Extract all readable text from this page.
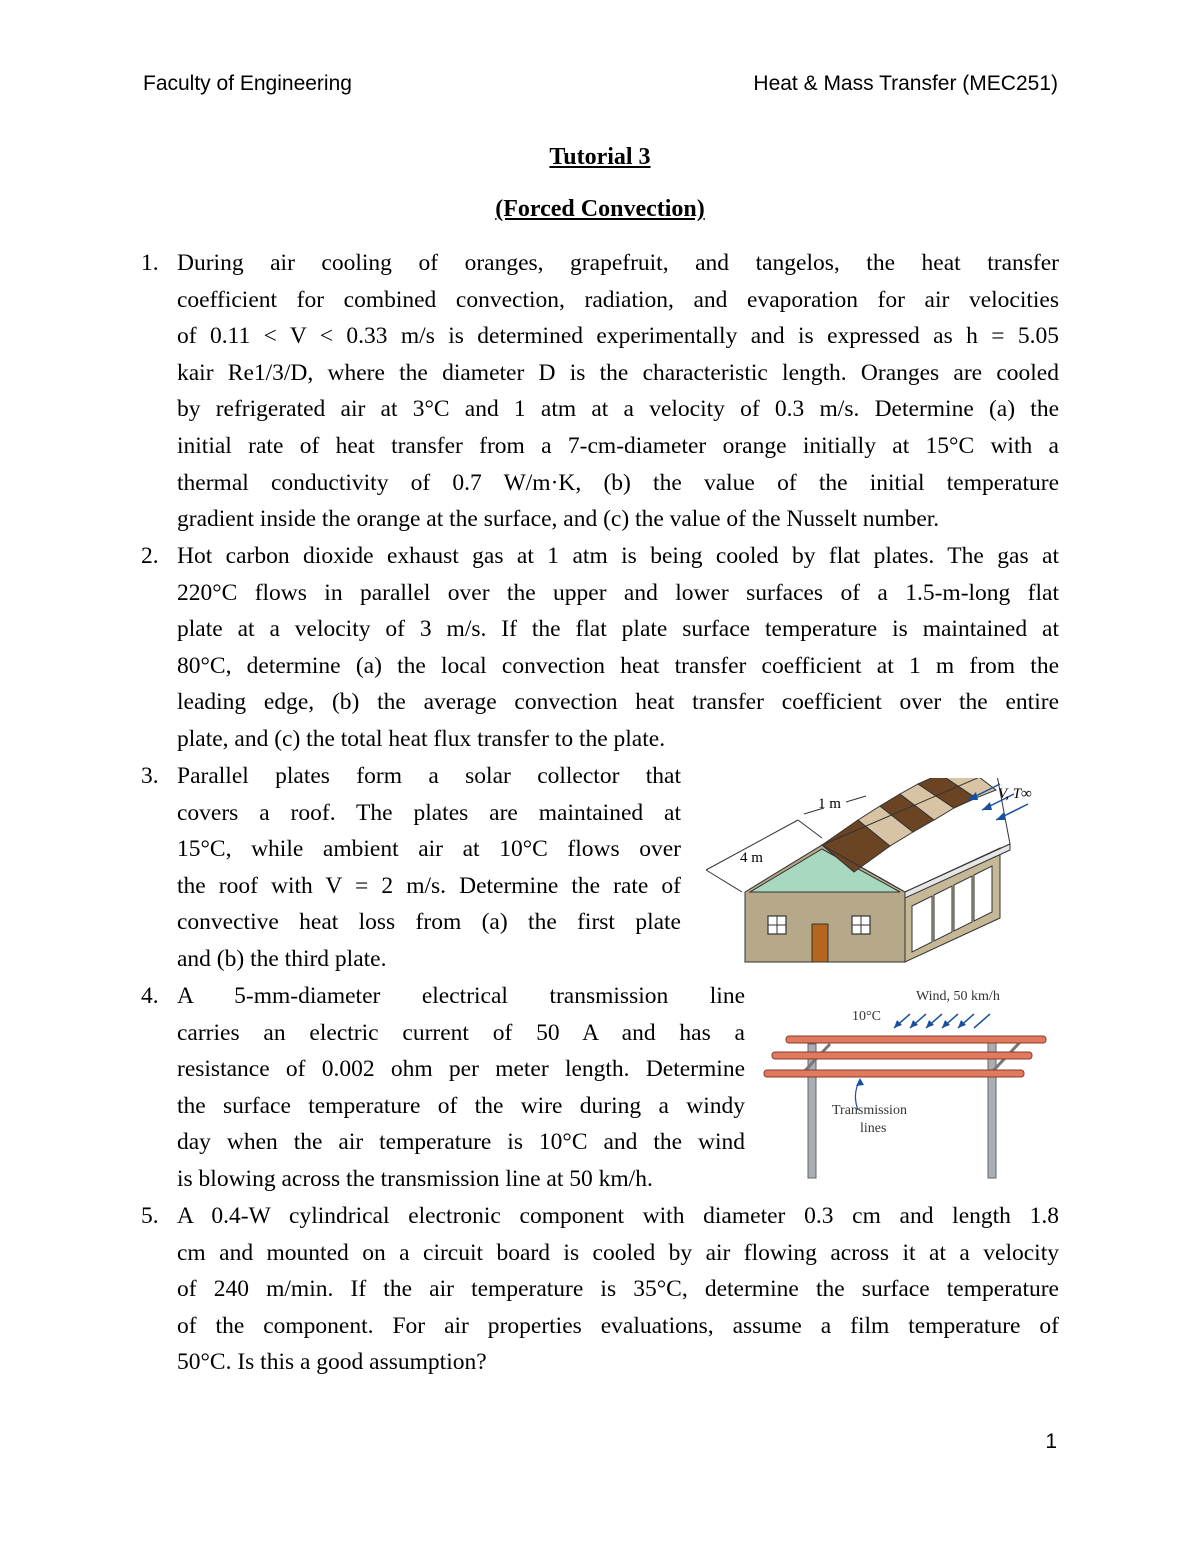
Faculty of Engineering	Heat & Mass Transfer (MEC251)
Tutorial 3
(Forced Convection)
1. During air cooling of oranges, grapefruit, and tangelos, the heat transfer
coefficient for combined convection, radiation, and evaporation for air velocities
of 0.11 < V < 0.33 m/s is determined experimentally and is expressed as h = 5.05
kair Re1/3/D, where the diameter D is the characteristic length. Oranges are cooled
by refrigerated air at 3°C and 1 atm at a velocity of 0.3 m/s. Determine (a) the
initial rate of heat transfer from a 7-cm-diameter orange initially at 15°C with a
thermal conductivity of 0.7 W/m·K, (b) the value of the initial temperature
gradient inside the orange at the surface, and (c) the value of the Nusselt number.
2. Hot carbon dioxide exhaust gas at 1 atm is being cooled by flat plates. The gas at
220°C flows in parallel over the upper and lower surfaces of a 1.5-m-long flat
plate at a velocity of 3 m/s. If the flat plate surface temperature is maintained at
80°C, determine (a) the local convection heat transfer coefficient at 1 m from the
leading edge, (b) the average convection heat transfer coefficient over the entire
plate, and (c) the total heat flux transfer to the plate.
3. Parallel plates form a solar collector that
covers a roof. The plates are maintained at
15°C, while ambient air at 10°C flows over
the roof with V = 2 m/s. Determine the rate of
convective heat loss from (a) the first plate
and (b) the third plate.
4 m
1 m
V, T∞
4. A 5-mm-diameter electrical transmission line
carries an electric current of 50 A and has a
resistance of 0.002 ohm per meter length. Determine
the surface temperature of the wire during a windy
day when the air temperature is 10°C and the wind
is blowing across the transmission line at 50 km/h.
Wind, 50 km/h
10°C
Transmission
lines
5. A 0.4-W cylindrical electronic component with diameter 0.3 cm and length 1.8
cm and mounted on a circuit board is cooled by air flowing across it at a velocity
of 240 m/min. If the air temperature is 35°C, determine the surface temperature
of the component. For air properties evaluations, assume a film temperature of
50°C. Is this a good assumption?
1
